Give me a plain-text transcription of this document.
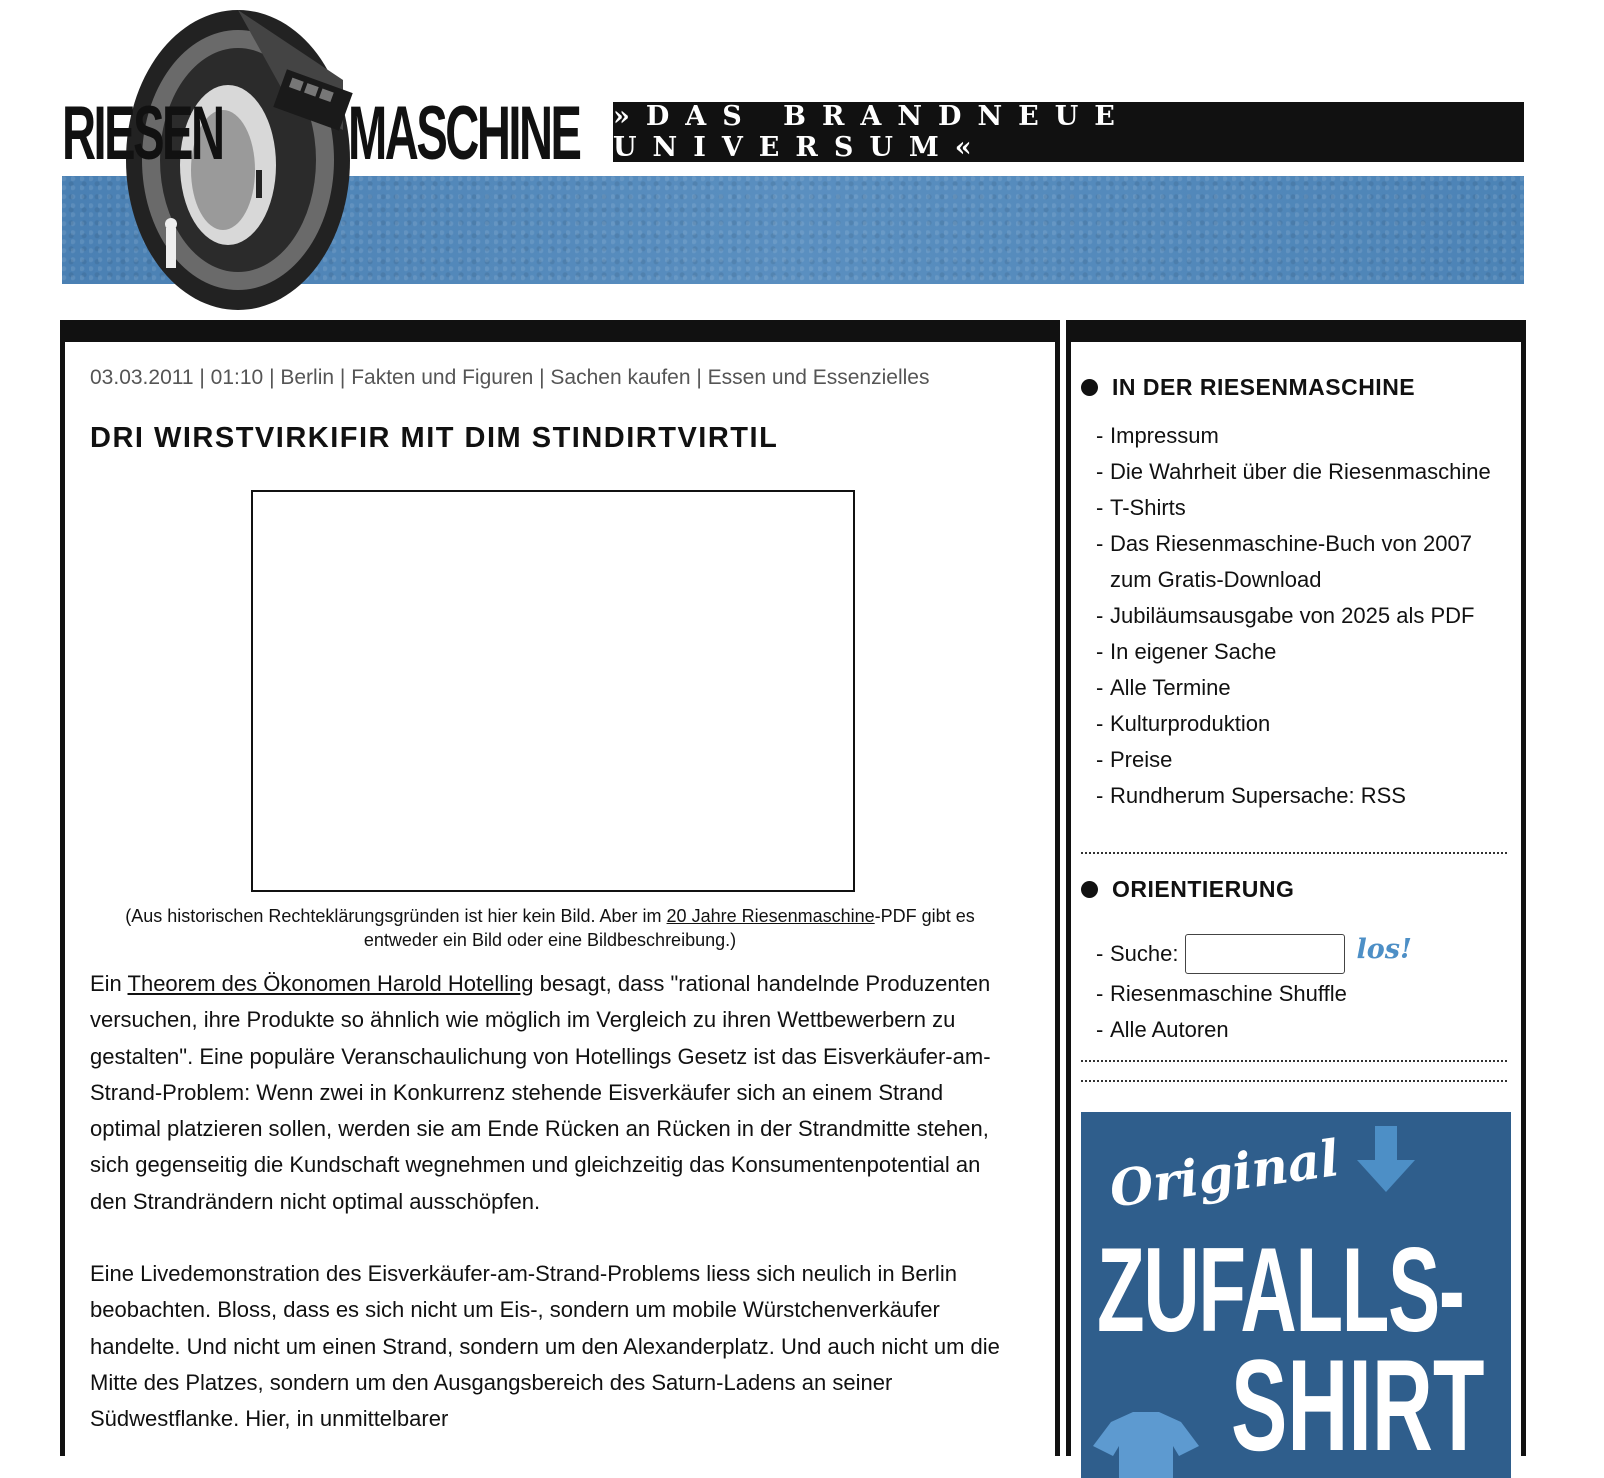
»DAS BRANDNEUE UNIVERSUM«
RIESEN MASCHINE
03.03.2011 | 01:10 | Berlin | Fakten und Figuren | Sachen kaufen | Essen und Essenzielles
DRI WIRSTVIRKIFIR MIT DIM STINDIRTVIRTIL
(Aus historischen Rechteklärungsgründen ist hier kein Bild. Aber im 20 Jahre Riesenmaschine-PDF gibt es entweder ein Bild oder eine Bildbeschreibung.)

Ein Theorem des Ökonomen Harold Hotelling besagt, dass "rational handelnde Produzenten versuchen, ihre Produkte so ähnlich wie möglich im Vergleich zu ihren Wettbewerbern zu gestalten". Eine populäre Veranschaulichung von Hotellings Gesetz ist das Eisverkäufer-am-Strand-Problem: Wenn zwei in Konkurrenz stehende Eisverkäufer sich an einem Strand optimal platzieren sollen, werden sie am Ende Rücken an Rücken in der Strandmitte stehen, sich gegenseitig die Kundschaft wegnehmen und gleichzeitig das Konsumentenpotential an den Strandrändern nicht optimal ausschöpfen.

Eine Livedemonstration des Eisverkäufer-am-Strand-Problems liess sich neulich in Berlin beobachten. Bloss, dass es sich nicht um Eis-, sondern um mobile Würstchenverkäufer handelte. Und nicht um einen Strand, sondern um den Alexanderplatz. Und auch nicht um die Mitte des Platzes, sondern um den Ausgangsbereich des Saturn-Ladens an seiner Südwestflanke. Hier, in unmittelbarer

IN DER RIESENMASCHINE
- Impressum
- Die Wahrheit über die Riesenmaschine
- T-Shirts
- Das Riesenmaschine-Buch von 2007 zum Gratis-Download
- Jubiläumsausgabe von 2025 als PDF
- In eigener Sache
- Alle Termine
- Kulturproduktion
- Preise
- Rundherum Supersache: RSS
ORIENTIERUNG
- Suche:	los!
- Riesenmaschine Shuffle
- Alle Autoren
Original
ZUFALLS-
SHIRT
